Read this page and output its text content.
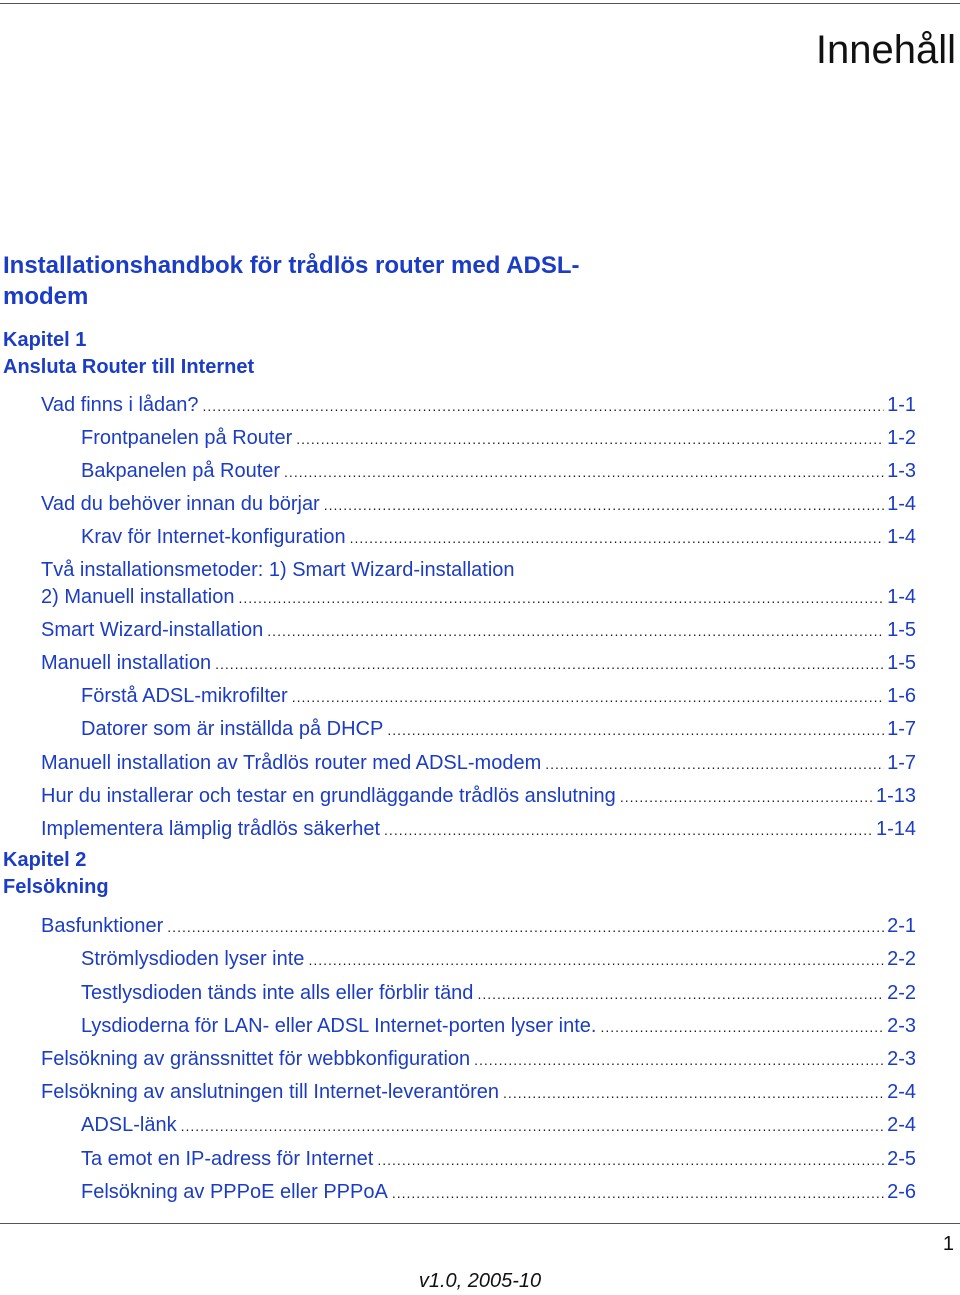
Innehåll
Installationshandbok för trådlös router med ADSL-modem
Kapitel 1
Ansluta Router till Internet
Vad finns i lådan? .....	1-1
Frontpanelen på Router .....	1-2
Bakpanelen på Router .....	1-3
Vad du behöver innan du börjar .....	1-4
Krav för Internet-konfiguration .....	1-4
Två installationsmetoder: 1) Smart Wizard-installation
2) Manuell installation .....	1-4
Smart Wizard-installation .....	1-5
Manuell installation .....	1-5
Förstå ADSL-mikrofilter .....	1-6
Datorer som är inställda på DHCP .....	1-7
Manuell installation av Trådlös router med ADSL-modem .....	1-7
Hur du installerar och testar en grundläggande trådlös anslutning .....	1-13
Implementera lämplig trådlös säkerhet .....	1-14
Kapitel 2
Felsökning
Basfunktioner .....	2-1
Strömlysdioden lyser inte .....	2-2
Testlysdioden tänds inte alls eller förblir tänd .....	2-2
Lysdioderna för LAN- eller ADSL Internet-porten lyser inte. .....	2-3
Felsökning av gränssnittet för webbkonfiguration .....	2-3
Felsökning av anslutningen till Internet-leverantören .....	2-4
ADSL-länk .....	2-4
Ta emot en IP-adress för Internet .....	2-5
Felsökning av PPPoE eller PPPoA .....	2-6
1
v1.0, 2005-10
